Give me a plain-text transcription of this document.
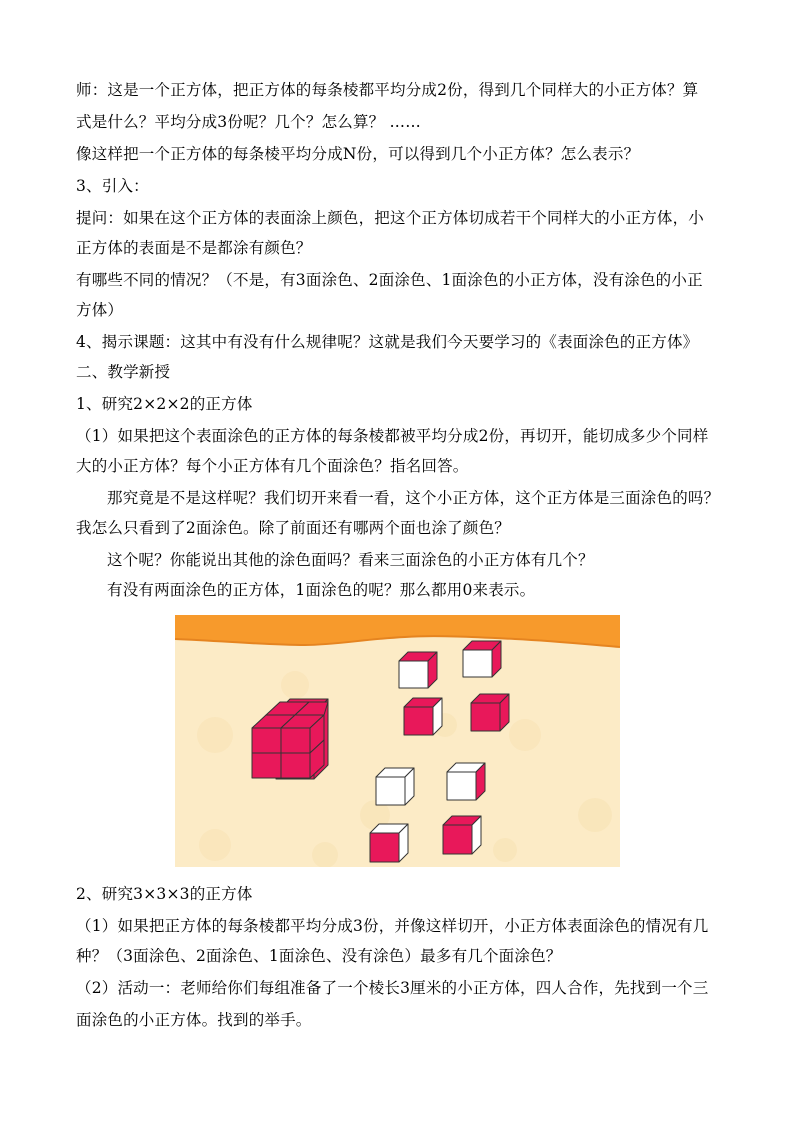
师：这是一个正方体，把正方体的每条棱都平均分成2份，得到几个同样大的小正方体？算
式是什么？平均分成3份呢？几个？怎么算？ ……
像这样把一个正方体的每条棱平均分成N份，可以得到几个小正方体？怎么表示？
3、引入：
提问：如果在这个正方体的表面涂上颜色，把这个正方体切成若干个同样大的小正方体，小
正方体的表面是不是都涂有颜色？
有哪些不同的情况？（不是，有3面涂色、2面涂色、1面涂色的小正方体，没有涂色的小正
方体）
4、揭示课题：这其中有没有什么规律呢？这就是我们今天要学习的《表面涂色的正方体》
二、教学新授
1、研究2×2×2的正方体
（1）如果把这个表面涂色的正方体的每条棱都被平均分成2份，再切开，能切成多少个同样
大的小正方体？每个小正方体有几个面涂色？指名回答。
那究竟是不是这样呢？我们切开来看一看，这个小正方体，这个正方体是三面涂色的吗？
我怎么只看到了2面涂色。除了前面还有哪两个面也涂了颜色？
这个呢？你能说出其他的涂色面吗？看来三面涂色的小正方体有几个？
有没有两面涂色的正方体，1面涂色的呢？那么都用0来表示。
2、研究3×3×3的正方体
（1）如果把正方体的每条棱都平均分成3份，并像这样切开，小正方体表面涂色的情况有几
种？（3面涂色、2面涂色、1面涂色、没有涂色）最多有几个面涂色？
（2）活动一：老师给你们每组准备了一个棱长3厘米的小正方体，四人合作，先找到一个三
面涂色的小正方体。找到的举手。
